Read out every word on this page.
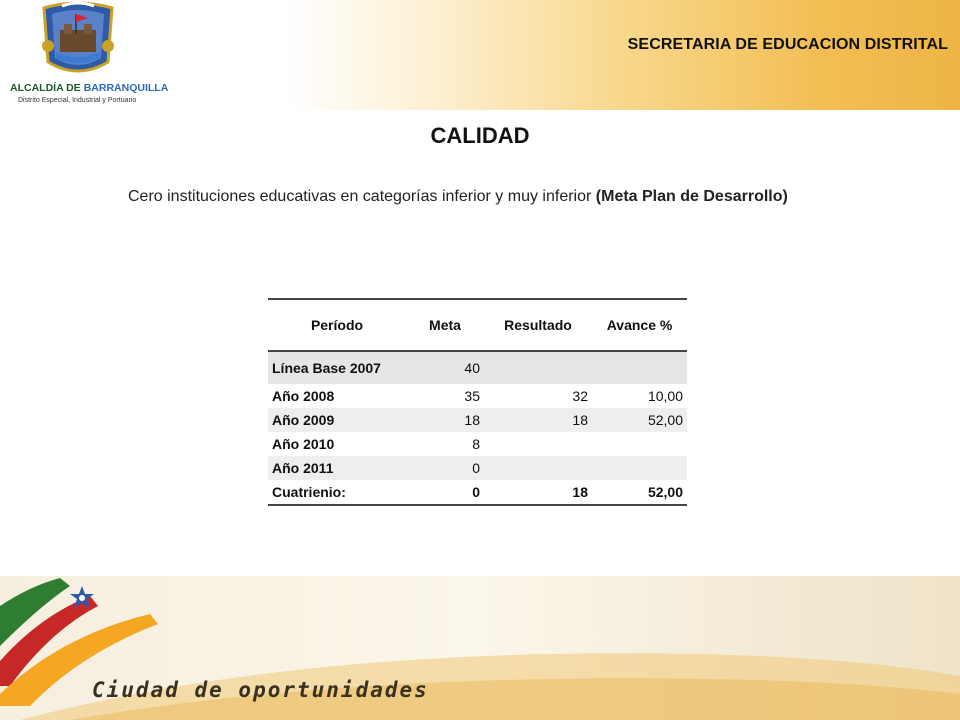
ALCALDÍA DE BARRANQUILLA
Distrito Especial, Industrial y Portuario
SECRETARIA DE EDUCACION DISTRITAL
CALIDAD
Cero instituciones educativas en categorías inferior y muy inferior (Meta Plan de Desarrollo)
Período	Meta	Resultado	Avance %
Línea Base 2007	40		
Año 2008	35	32	10,00
Año 2009	18	18	52,00
Año 2010	8		
Año 2011	0		
Cuatrienio:	0	18	52,00
Ciudad de oportunidades
